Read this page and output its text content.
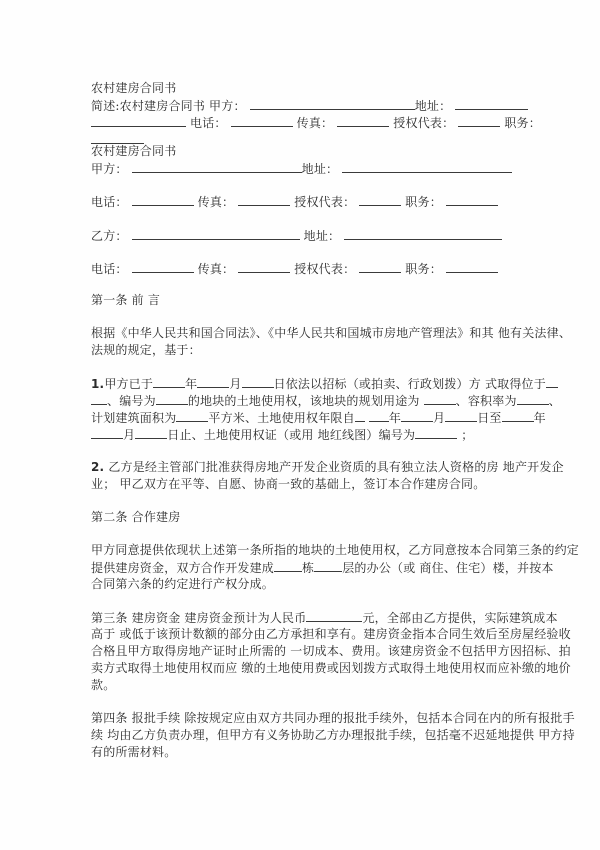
农村建房合同书
简述:农村建房合同书 甲方：	地址：
电话：	传真：	授权代表：	职务：
农村建房合同书
甲方：	地址：
电话：	传真：	授权代表：	职务：
乙方：	地址：
电话：	传真：	授权代表：	职务：
第一条 前 言
根据《中华人民共和国合同法》、《中华人民共和国城市房地产管理法》和其 他有关法律、
法规的规定，基于：
1.甲方已于	年	月	日依法以招标（或拍卖、行政划拨）方 式取得位于
、编号为	的地块的土地使用权，该地块的规划用途为	、容积率为	、
计划建筑面积为	平方米、土地使用权年限自	年	月	日至	年
月	日止、土地使用权证（或用 地红线图）编号为	；
2. 乙方是经主管部门批准获得房地产开发企业资质的具有独立法人资格的房 地产开发企
业； 甲乙双方在平等、自愿、协商一致的基础上，签订本合作建房合同。
第二条 合作建房
甲方同意提供依现状上述第一条所指的地块的土地使用权，乙方同意按本合同第三条的约定
提供建房资金，双方合作开发建成 栋 层的办公（或 商住、住宅）楼，并按本
合同第六条的约定进行产权分成。
第三条 建房资金 建房资金预计为人民币	元，全部由乙方提供，实际建筑成本
高于 或低于该预计数额的部分由乙方承担和享有。建房资金指本合同生效后至房屋经验收
合格且甲方取得房地产证时止所需的 一切成本、费用。该建房资金不包括甲方因招标、拍
卖方式取得土地使用权而应 缴的土地使用费或因划拨方式取得土地使用权而应补缴的地价
款。
第四条 报批手续 除按规定应由双方共同办理的报批手续外，包括本合同在内的所有报批手
续 均由乙方负责办理，但甲方有义务协助乙方办理报批手续，包括毫不迟延地提供 甲方持
有的所需材料。
